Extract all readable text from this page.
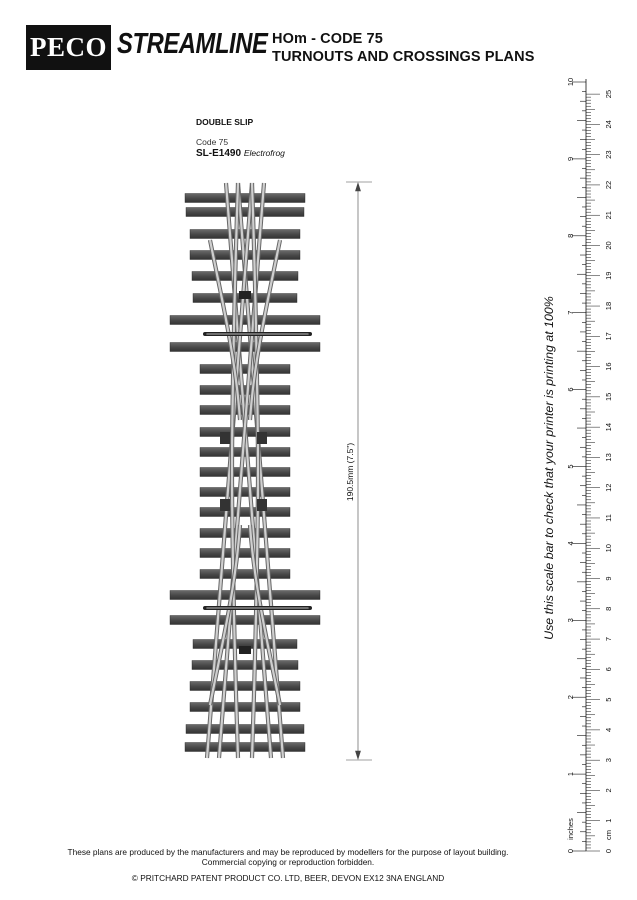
PECO STREAMLINE HOm - CODE 75
TURNOUTS AND CROSSINGS PLANS
DOUBLE SLIP
Code 75
SL-E1490 Electrofrog
190.5mm (7.5")
0
1
2
3
4
5
6
7
8
9
10
0
1
2
3
4
5
6
7
8
9
10
11
12
13
14
15
16
17
18
19
20
21
22
23
24
25
inches	cm
Use this scale bar to check that your printer is printing at 100%
These plans are produced by the manufacturers and may be reproduced by modellers for the purpose of layout building.
Commercial copying or reproduction forbidden.
© PRITCHARD PATENT PRODUCT CO. LTD, BEER, DEVON EX12 3NA ENGLAND
